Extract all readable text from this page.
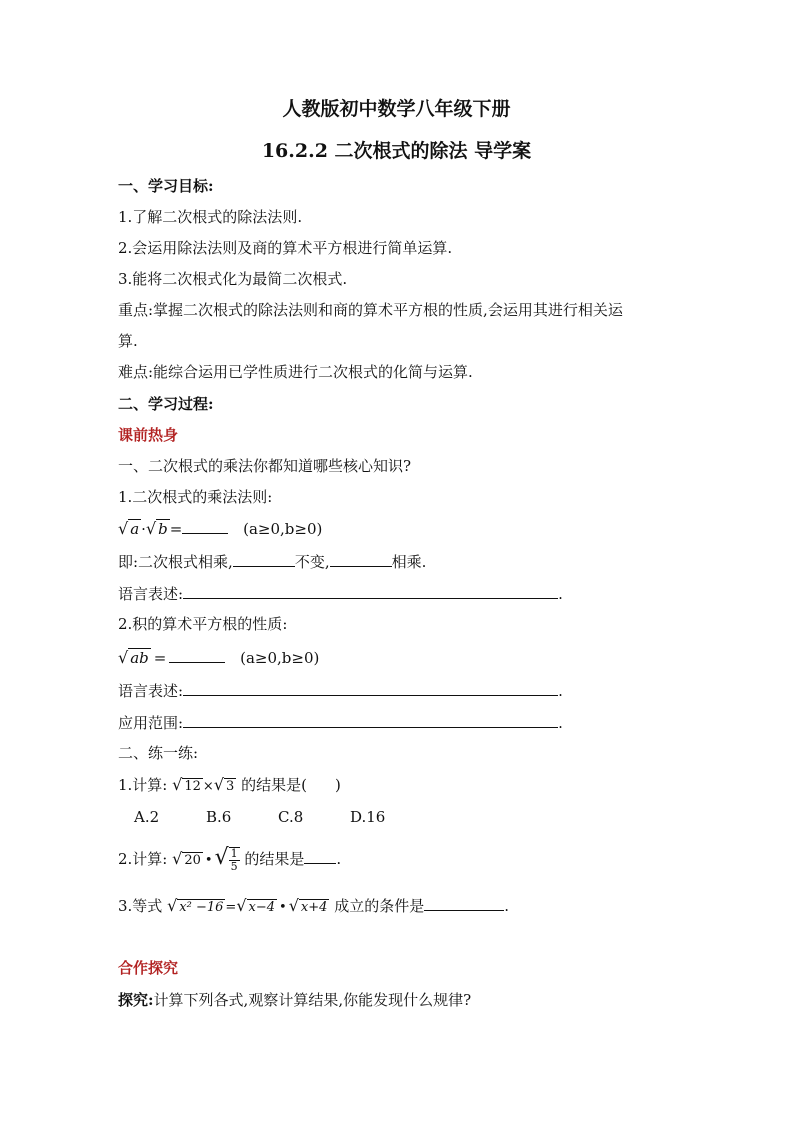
人教版初中数学八年级下册
16.2.2 二次根式的除法 导学案
一、学习目标:
1.了解二次根式的除法法则.
2.会运用除法法则及商的算术平方根进行简单运算.
3.能将二次根式化为最简二次根式.
重点:掌握二次根式的除法法则和商的算术平方根的性质,会运用其进行相关运
算.
难点:能综合运用已学性质进行二次根式的化简与运算.
二、学习过程:
课前热身
一、二次根式的乘法你都知道哪些核心知识?
1.二次根式的乘法法则:
√ a ·√ b =	(a≥0,b≥0)
即:二次根式相乘,	不变,	相乘.
语言表述:	.
2.积的算术平方根的性质:
√ ab =	(a≥0,b≥0)
语言表述:	.
应用范围:	.
二、练一练:
1.计算: √ 12 ×√ 3 的结果是( )
A.2	B.6	C.8	D.16
2.计算: √ 20 •√ $\frac{1}{5}$ 的结果是 .
3.等式 √ x² −16 =√ x−4 • √ x+4 成立的条件是	.
合作探究
探究:计算下列各式,观察计算结果,你能发现什么规律?
